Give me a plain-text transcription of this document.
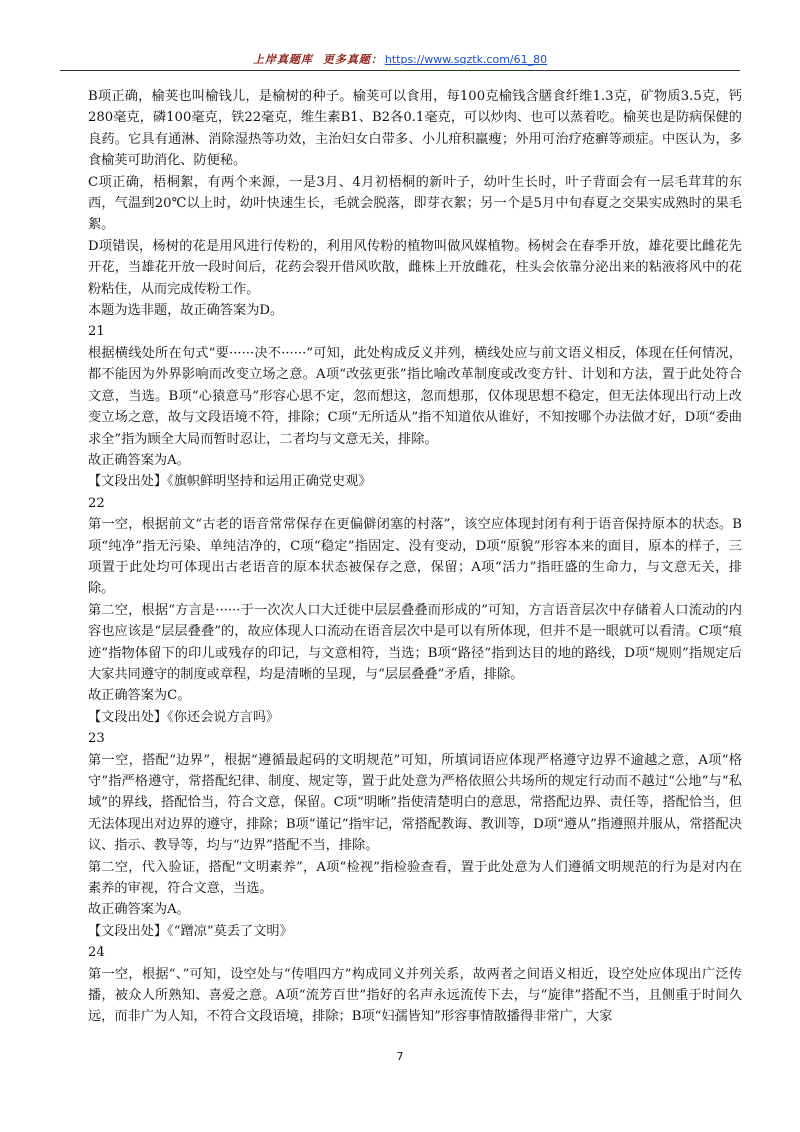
上岸真题库 更多真题： https://www.sqztk.com/61_80

B项正确，榆荚也叫榆钱儿，是榆树的种子。榆荚可以食用，每100克榆钱含膳食纤维1.3克，矿物质3.5克，钙280毫克，磷100毫克，铁22毫克，维生素B1、B2各0.1毫克，可以炒肉、也可以蒸着吃。榆荚也是防病保健的良药。它具有通淋、消除湿热等功效，主治妇女白带多、小儿疳积羸瘦；外用可治疗疮癣等顽症。中医认为，多食榆荚可助消化、防便秘。

C项正确，梧桐絮，有两个来源，一是3月、4月初梧桐的新叶子，幼叶生长时，叶子背面会有一层毛茸茸的东西，气温到20℃以上时，幼叶快速生长，毛就会脱落，即芽衣絮；另一个是5月中旬春夏之交果实成熟时的果毛絮。

D项错误，杨树的花是用风进行传粉的，利用风传粉的植物叫做风媒植物。杨树会在春季开放，雄花要比雌花先开花，当雄花开放一段时间后，花药会裂开借风吹散，雌株上开放雌花，柱头会依靠分泌出来的粘液将风中的花粉粘住，从而完成传粉工作。

本题为选非题，故正确答案为D。

21

根据横线处所在句式“要······决不······”可知，此处构成反义并列，横线处应与前文语义相反，体现在任何情况，都不能因为外界影响而改变立场之意。A项“改弦更张”指比喻改革制度或改变方针、计划和方法，置于此处符合文意，当选。B项“心猿意马”形容心思不定，忽而想这，忽而想那，仅体现思想不稳定，但无法体现出行动上改变立场之意，故与文段语境不符，排除；C项“无所适从”指不知道依从谁好，不知按哪个办法做才好，D项“委曲求全”指为顾全大局而暂时忍让，二者均与文意无关，排除。

故正确答案为A。

【文段出处】《旗帜鲜明坚持和运用正确党史观》

22

第一空，根据前文“古老的语音常常保存在更偏僻闭塞的村落”，该空应体现封闭有利于语音保持原本的状态。B项“纯净”指无污染、单纯洁净的，C项“稳定”指固定、没有变动，D项“原貌”形容本来的面目，原本的样子，三项置于此处均可体现出古老语音的原本状态被保存之意，保留；A项“活力”指旺盛的生命力，与文意无关，排除。

第二空，根据“方言是······于一次次人口大迁徙中层层叠叠而形成的”可知，方言语音层次中存储着人口流动的内容也应该是“层层叠叠”的，故应体现人口流动在语音层次中是可以有所体现，但并不是一眼就可以看清。C项“痕迹”指物体留下的印儿或残存的印记，与文意相符，当选；B项“路径”指到达目的地的路线，D项“规则”指规定后大家共同遵守的制度或章程，均是清晰的呈现，与“层层叠叠”矛盾，排除。

故正确答案为C。

【文段出处】《你还会说方言吗》

23

第一空，搭配“边界”，根据“遵循最起码的文明规范”可知，所填词语应体现严格遵守边界不逾越之意，A项“格守”指严格遵守，常搭配纪律、制度、规定等，置于此处意为严格依照公共场所的规定行动而不越过“公地”与“私域”的界线，搭配恰当，符合文意，保留。C项“明晰”指使清楚明白的意思，常搭配边界、责任等，搭配恰当，但无法体现出对边界的遵守，排除；B项“谨记”指牢记，常搭配教诲、教训等，D项“遵从”指遵照并服从，常搭配决议、指示、教导等，均与“边界”搭配不当，排除。

第二空，代入验证，搭配“文明素养”，A项“检视”指检验查看，置于此处意为人们遵循文明规范的行为是对内在素养的审视，符合文意，当选。

故正确答案为A。

【文段出处】《“蹭凉”莫丢了文明》

24

第一空，根据“、”可知，设空处与“传唱四方”构成同义并列关系，故两者之间语义相近，设空处应体现出广泛传播，被众人所熟知、喜爱之意。A项“流芳百世”指好的名声永远流传下去，与“旋律”搭配不当，且侧重于时间久远，而非广为人知，不符合文段语境，排除；B项“妇孺皆知”形容事情散播得非常广，大家

7
